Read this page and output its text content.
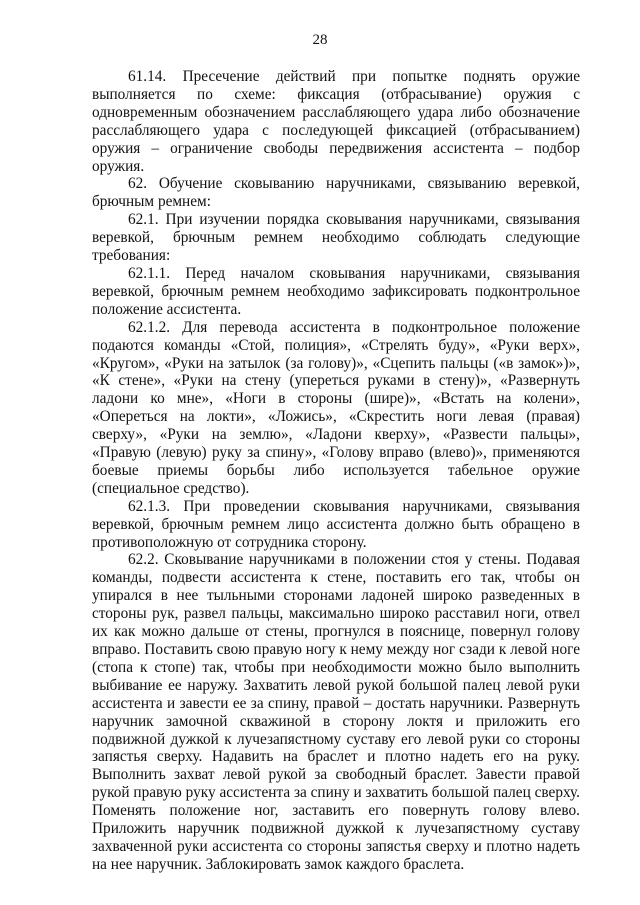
28

61.14. Пресечение действий при попытке поднять оружие выполняется по схеме: фиксация (отбрасывание) оружия с одновременным обозначением расслабляющего удара либо обозначение расслабляющего удара с последующей фиксацией (отбрасыванием) оружия – ограничение свободы передвижения ассистента – подбор оружия.

62. Обучение сковыванию наручниками, связыванию веревкой, брючным ремнем:

62.1. При изучении порядка сковывания наручниками, связывания веревкой, брючным ремнем необходимо соблюдать следующие требования:

62.1.1. Перед началом сковывания наручниками, связывания веревкой, брючным ремнем необходимо зафиксировать подконтрольное положение ассистента.

62.1.2. Для перевода ассистента в подконтрольное положение подаются команды «Стой, полиция», «Стрелять буду», «Руки верх», «Кругом», «Руки на затылок (за голову)», «Сцепить пальцы («в замок»)», «К стене», «Руки на стену (упереться руками в стену)», «Развернуть ладони ко мне», «Ноги в стороны (шире)», «Встать на колени», «Опереться на локти», «Ложись», «Скрестить ноги левая (правая) сверху», «Руки на землю», «Ладони кверху», «Развести пальцы», «Правую (левую) руку за спину», «Голову вправо (влево)», применяются боевые приемы борьбы либо используется табельное оружие (специальное средство).

62.1.3. При проведении сковывания наручниками, связывания веревкой, брючным ремнем лицо ассистента должно быть обращено в противоположную от сотрудника сторону.

62.2. Сковывание наручниками в положении стоя у стены. Подавая команды, подвести ассистента к стене, поставить его так, чтобы он упирался в нее тыльными сторонами ладоней широко разведенных в стороны рук, развел пальцы, максимально широко расставил ноги, отвел их как можно дальше от стены, прогнулся в пояснице, повернул голову вправо. Поставить свою правую ногу к нему между ног сзади к левой ноге (стопа к стопе) так, чтобы при необходимости можно было выполнить выбивание ее наружу. Захватить левой рукой большой палец левой руки ассистента и завести ее за спину, правой – достать наручники. Развернуть наручник замочной скважиной в сторону локтя и приложить его подвижной дужкой к лучезапястному суставу его левой руки со стороны запястья сверху. Надавить на браслет и плотно надеть его на руку. Выполнить захват левой рукой за свободный браслет. Завести правой рукой правую руку ассистента за спину и захватить большой палец сверху. Поменять положение ног, заставить его повернуть голову влево. Приложить наручник подвижной дужкой к лучезапястному суставу захваченной руки ассистента со стороны запястья сверху и плотно надеть на нее наручник. Заблокировать замок каждого браслета.
